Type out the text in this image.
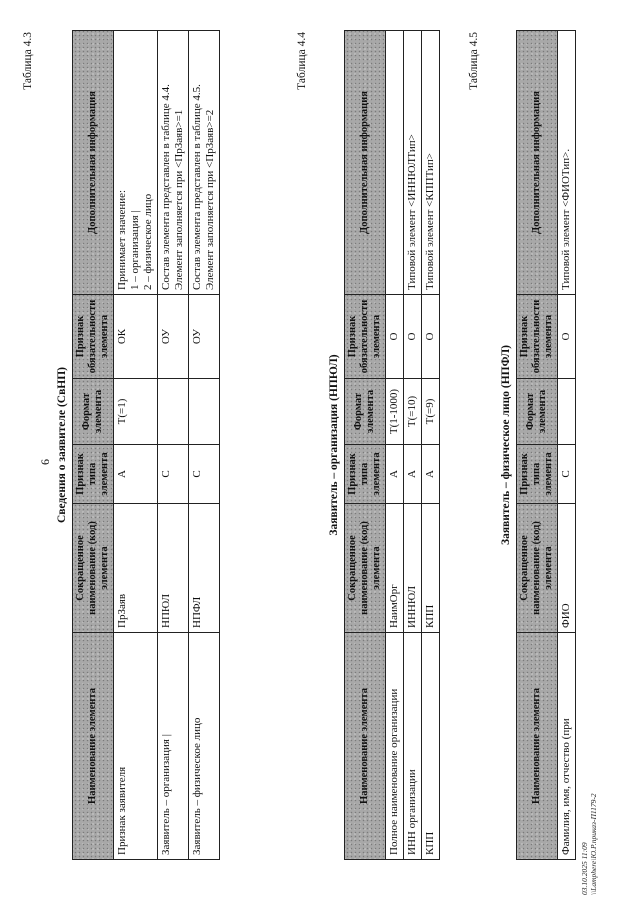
6
Таблица 4.3
Сведения о заявителе (СвНП)
Наименование элемента	Сокращенное наименование (код) элемента	Признак типа элемента	Формат элемента	Признак обязательности элемента	Дополнительная информация
Признак заявителя	ПрЗаяв	А	Т(=1)	ОК	Принимает значение: 1 – организация | 2 – физическое лицо

Заявитель – организация |	НПЮЛ	С		ОУ	Состав элемента представлен в таблице 4.4. Элемент заполняется при <ПрЗаяв>=1

Заявитель – физическое лицо	НПФЛ	С		ОУ	Состав элемента представлен в таблице 4.5. Элемент заполняется при <ПрЗаяв>=2
Таблица 4.4
Заявитель – организация (НПЮЛ)
Наименование элемента	Сокращенное наименование (код) элемента	Признак типа элемента	Формат элемента	Признак обязательности элемента	Дополнительная информация
Полное наименование организации	НаимОрг	А	Т(1-1000)	О	
ИНН организации	ИННЮЛ	А	Т(=10)	О	Типовой элемент <ИННЮЛТип>
КПП	КПП	А	Т(=9)	О	Типовой элемент <КППТип>
Таблица 4.5
Заявитель – физическое лицо (НПФЛ)
Наименование элемента	Сокращенное наименование (код) элемента	Признак типа элемента	Формат элемента	Признак обязательности элемента	Дополнительная информация
Фамилия, имя, отчество (при	ФИО	С		О	Типовой элемент <ФИОТип>.
03.10.2025 11:09 \\Lamphere\Ю.Р.приказ-П1179-2
